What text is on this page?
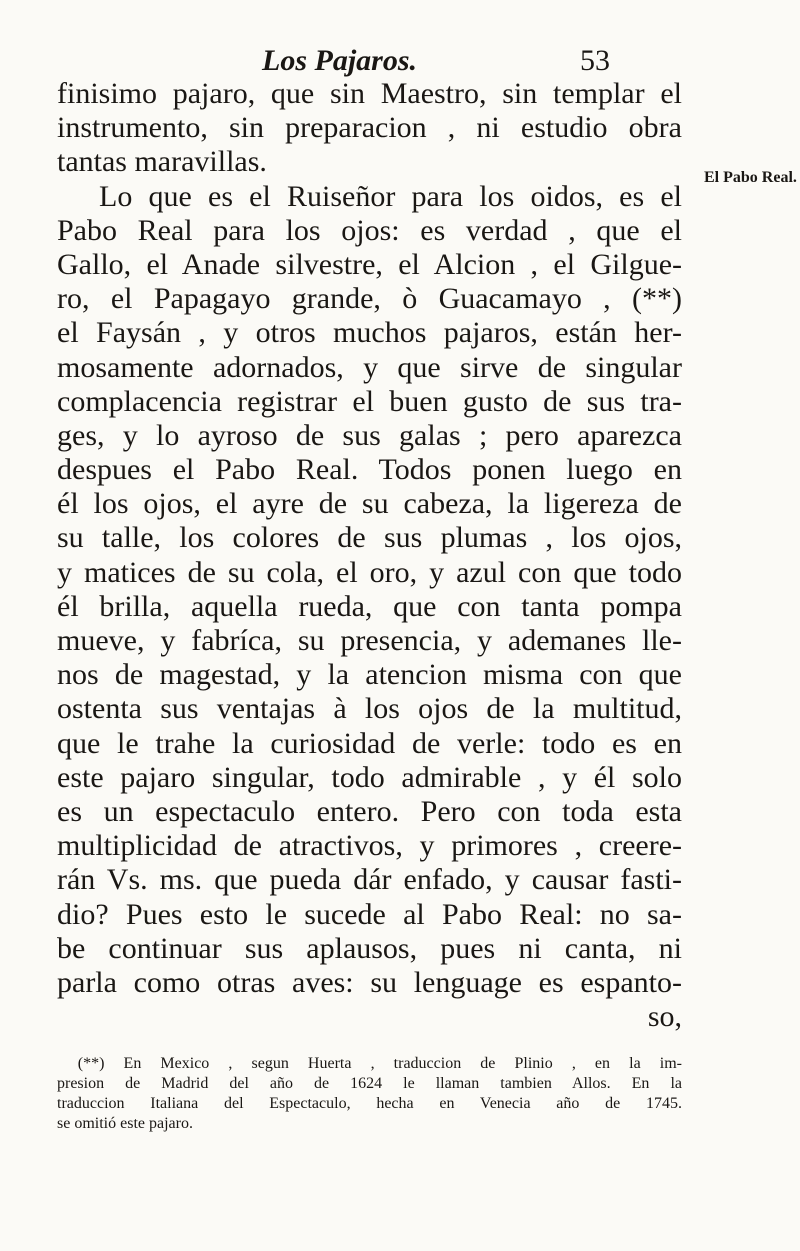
Los Pajaros.	53
El Pabo Real.
finisimo pajaro, que sin Maestro, sin templar el
instrumento, sin preparacion , ni estudio obra
tantas maravillas.
Lo que es el Ruiseñor para los oidos, es el
Pabo Real para los ojos: es verdad , que el
Gallo, el Anade silvestre, el Alcion , el Gilgue-
ro, el Papagayo grande, ò Guacamayo , (**)
el Faysán , y otros muchos pajaros, están her-
mosamente adornados, y que sirve de singular
complacencia registrar el buen gusto de sus tra-
ges, y lo ayroso de sus galas ; pero aparezca
despues el Pabo Real. Todos ponen luego en
él los ojos, el ayre de su cabeza, la ligereza de
su talle, los colores de sus plumas , los ojos,
y matices de su cola, el oro, y azul con que todo
él brilla, aquella rueda, que con tanta pompa
mueve, y fabríca, su presencia, y ademanes lle-
nos de magestad, y la atencion misma con que
ostenta sus ventajas à los ojos de la multitud,
que le trahe la curiosidad de verle: todo es en
este pajaro singular, todo admirable , y él solo
es un espectaculo entero. Pero con toda esta
multiplicidad de atractivos, y primores , creere-
rán Vs. ms. que pueda dár enfado, y causar fasti-
dio? Pues esto le sucede al Pabo Real: no sa-
be continuar sus aplausos, pues ni canta, ni
parla como otras aves: su lenguage es espanto-
so,
(**) En Mexico , segun Huerta , traduccion de Plinio , en la im-
presion de Madrid del año de 1624 le llaman tambien Allos. En la
traduccion Italiana del Espectaculo, hecha en Venecia año de 1745.
se omitió este pajaro.
